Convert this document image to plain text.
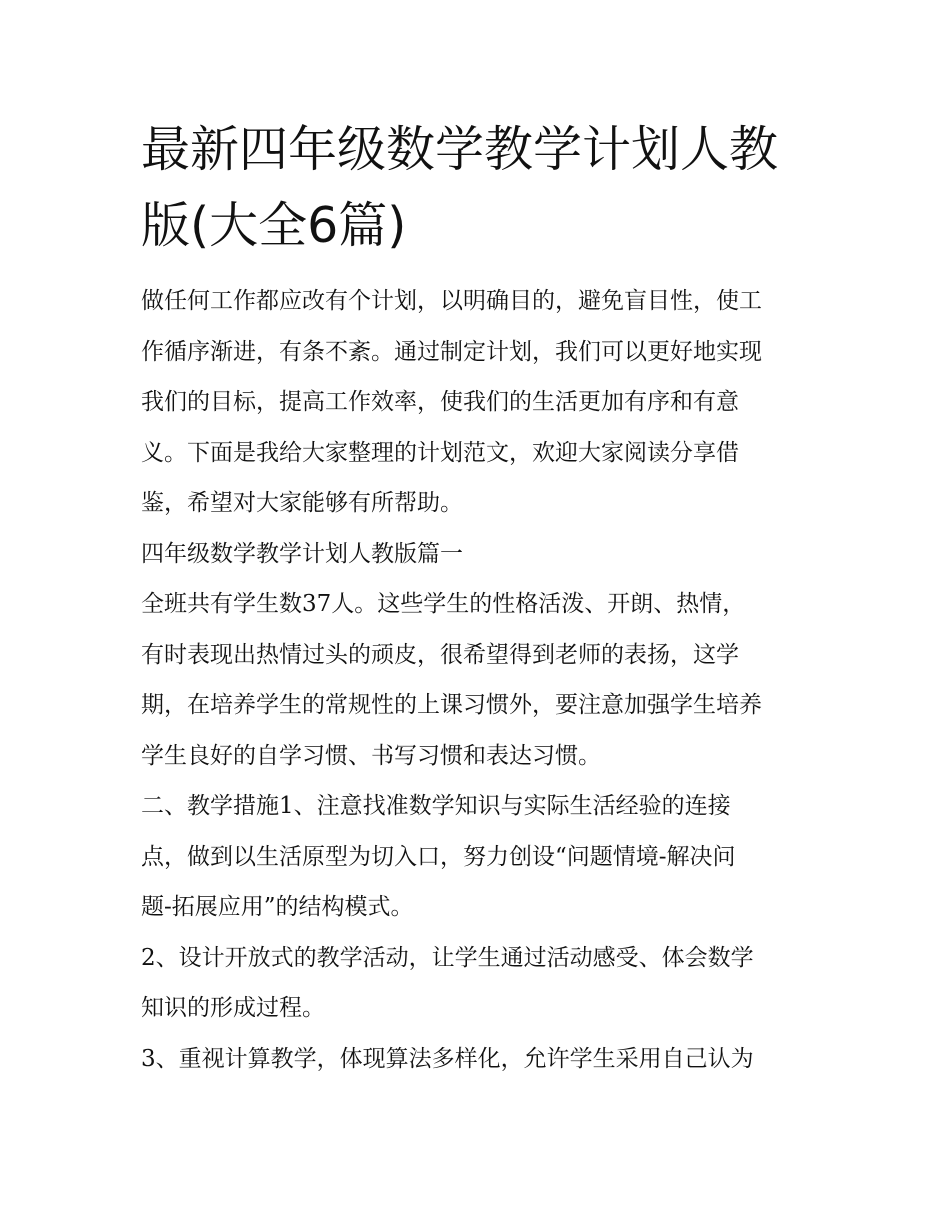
最新四年级数学教学计划人教
版(大全6篇)
做任何工作都应改有个计划，以明确目的，避免盲目性，使工
作循序渐进，有条不紊。通过制定计划，我们可以更好地实现
我们的目标，提高工作效率，使我们的生活更加有序和有意
义。下面是我给大家整理的计划范文，欢迎大家阅读分享借
鉴，希望对大家能够有所帮助。
四年级数学教学计划人教版篇一
全班共有学生数37人。这些学生的性格活泼、开朗、热情，
有时表现出热情过头的顽皮，很希望得到老师的表扬，这学
期，在培养学生的常规性的上课习惯外，要注意加强学生培养
学生良好的自学习惯、书写习惯和表达习惯。
二、教学措施1、注意找准数学知识与实际生活经验的连接
点，做到以生活原型为切入口，努力创设“问题情境-解决问
题-拓展应用”的结构模式。
2、设计开放式的教学活动，让学生通过活动感受、体会数学
知识的形成过程。
3、重视计算教学，体现算法多样化，允许学生采用自己认为
